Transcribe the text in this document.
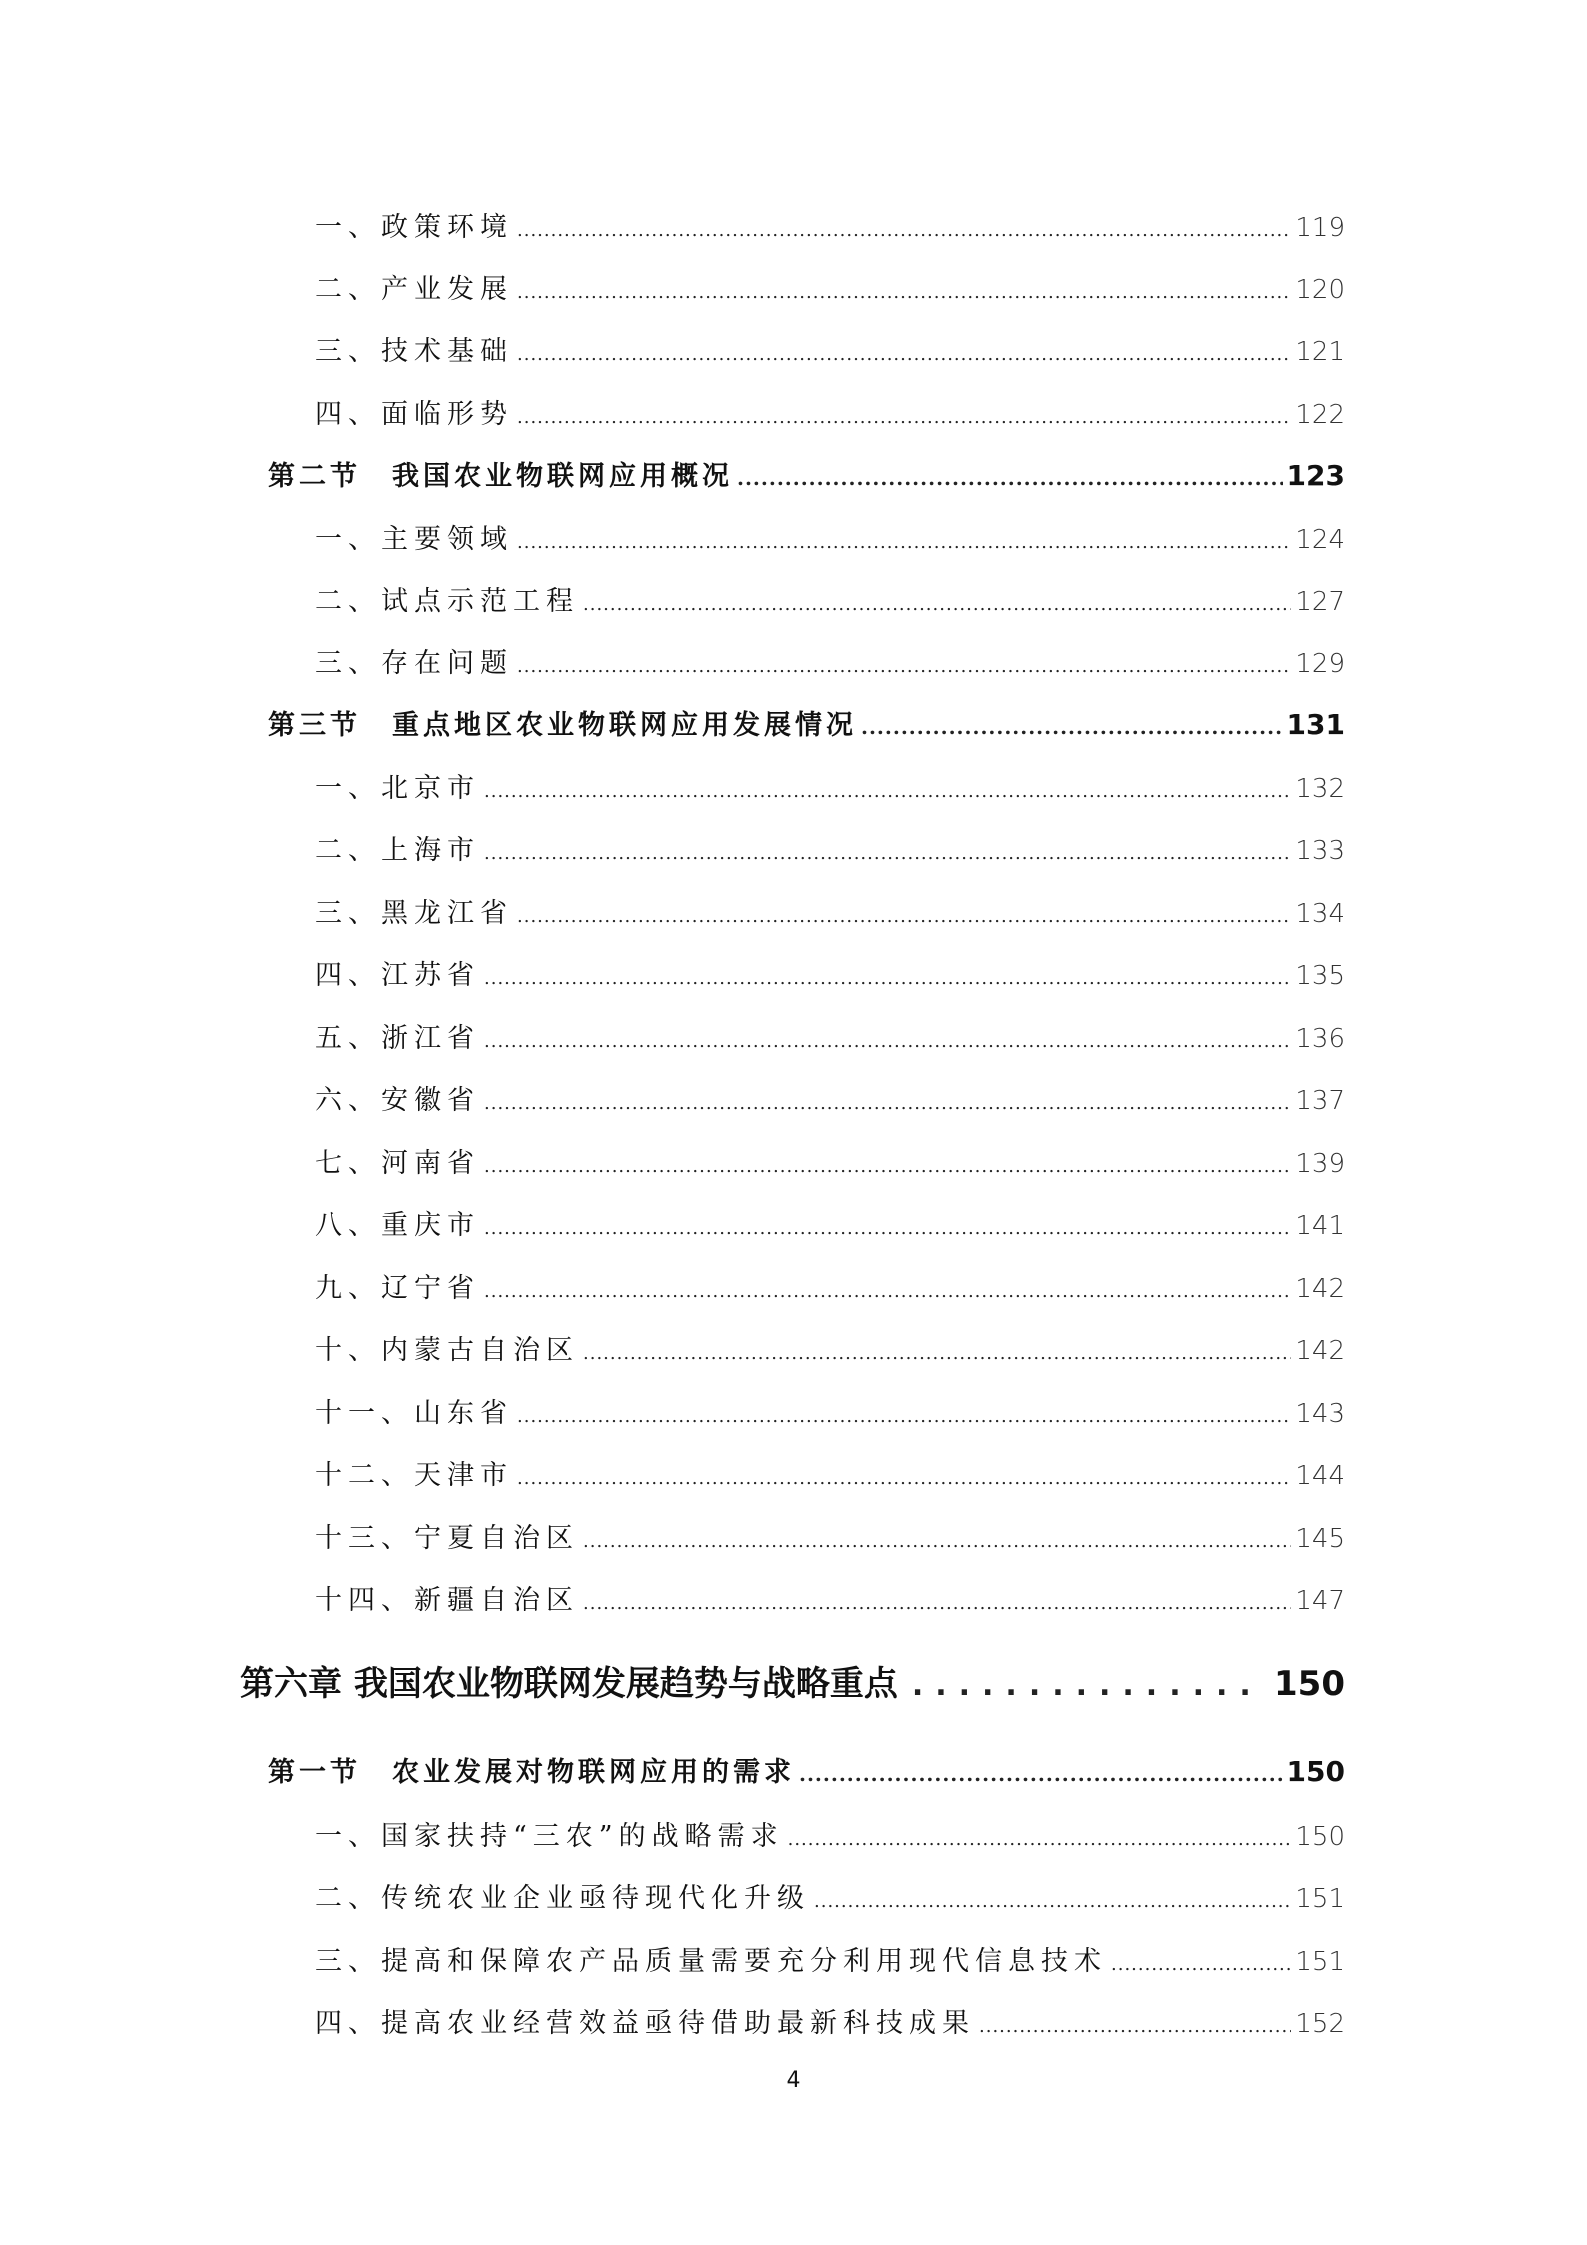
一、政策环境 .....	119
二、产业发展 .....	120
三、技术基础 .....	121
四、面临形势 .....	122
第二节　我国农业物联网应用概况 .....	123
一、主要领域 .....	124
二、试点示范工程 .....	127
三、存在问题 .....	129
第三节　重点地区农业物联网应用发展情况 .....	131
一、北京市 .....	132
二、上海市 .....	133
三、黑龙江省 .....	134
四、江苏省 .....	135
五、浙江省 .....	136
六、安徽省 .....	137
七、河南省 .....	139
八、重庆市 .....	141
九、辽宁省 .....	142
十、内蒙古自治区 .....	142
十一、山东省 .....	143
十二、天津市 .....	144
十三、宁夏自治区 .....	145
十四、新疆自治区 .....	147
第六章 我国农业物联网发展趋势与战略重点 .....	150
第一节　农业发展对物联网应用的需求 .....	150
一、国家扶持“三农”的战略需求 .....	150
二、传统农业企业亟待现代化升级 .....	151
三、提高和保障农产品质量需要充分利用现代信息技术 .....	151
四、提高农业经营效益亟待借助最新科技成果 .....	152
4
